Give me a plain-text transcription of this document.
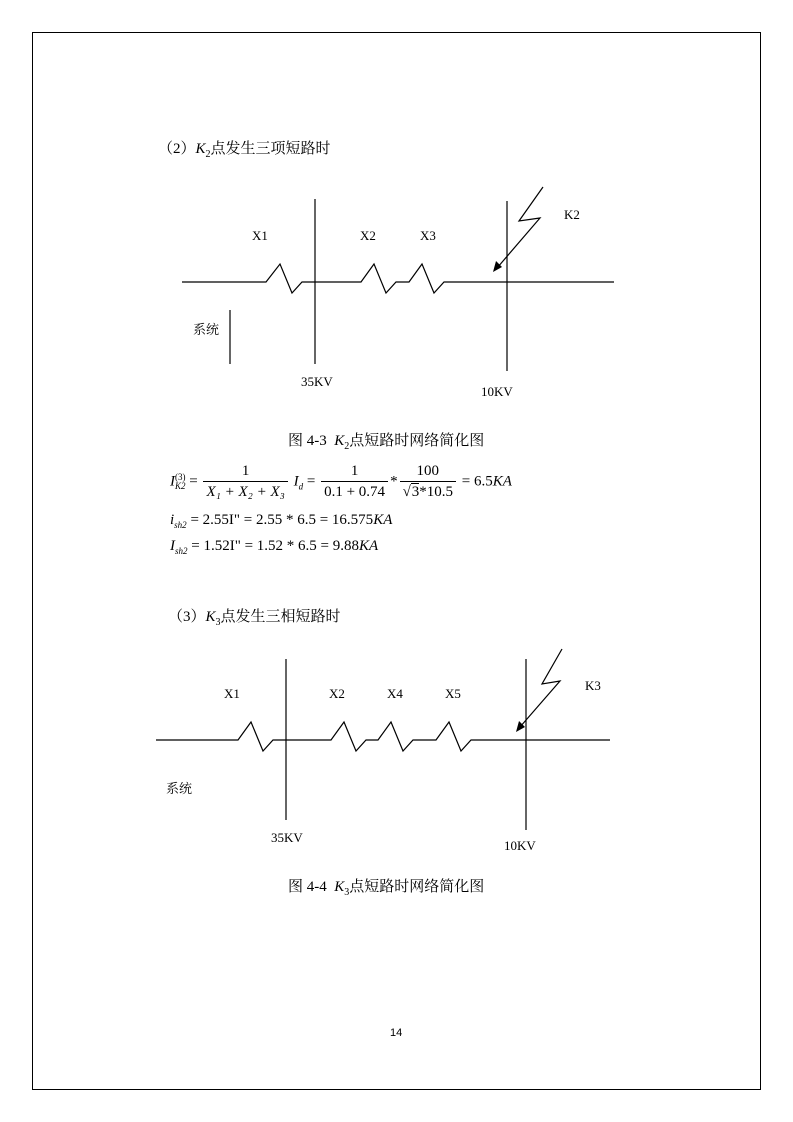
$(2)K_2$点发生三项短路时
X1	X2	X3
K2
系统
35KV
10KV
图 4-3 $K_2$点短路时网络简化图
I (3)
$K2 = \frac{1}{\text{X₁ + X₂ + X₃}} I_d = \frac{1}{0.1 + 0.74} * \frac{100}{√3*10.5} = 6.5KA$
$i_{sh2} = 2.55I$" = 2.55 * 6.5 = 16.575KA
$I_{sh2} = 1.52I$" = 1.52 * 6.5 = 9.88KA
$(3)K_3$点发生三相短路时
X1	X2	X4	X5
K3
系统
35KV
10KV
图 4-4 $K_3$点短路时网络简化图
14
